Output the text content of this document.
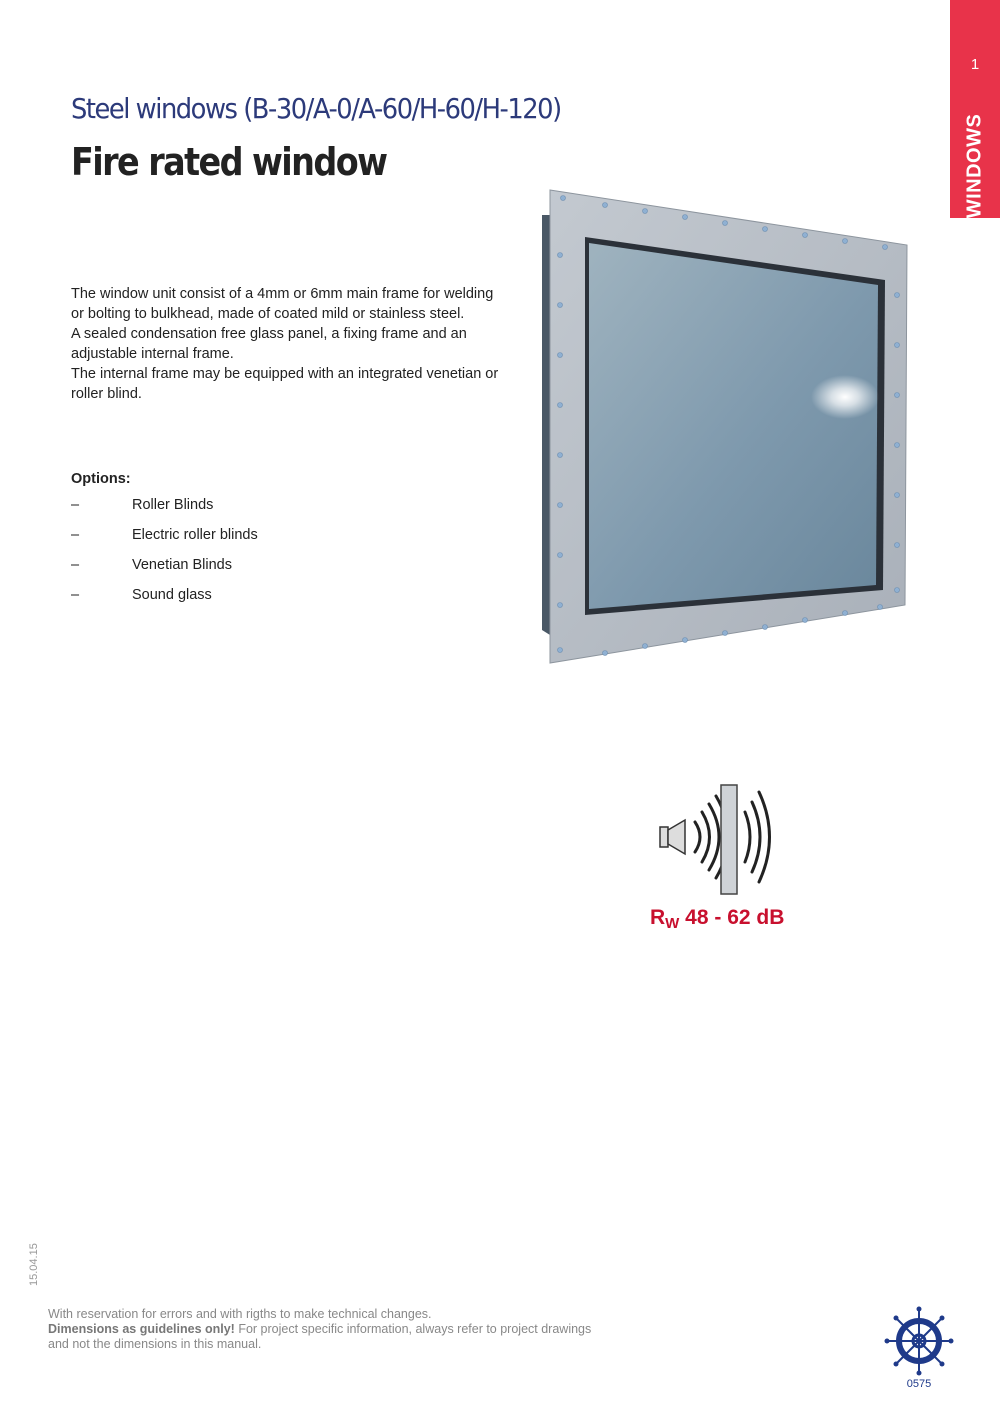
1
WINDOWS
Steel windows (B-30/A-0/A-60/H-60/H-120)
Fire rated window

The window unit consist of a 4mm or 6mm main frame for welding or bolting to bulkhead, made of coated mild or stainless steel.

A sealed condensation free glass panel, a fixing frame and an adjustable internal frame.

The internal frame may be equipped with an integrated venetian or roller blind.

Options:
–	Roller Blinds
–	Electric roller blinds
–	Venetian Blinds
–	Sound glass
RW 48 - 62 dB
15.04.15

With reservation for errors and with rigths to make technical changes.

Dimensions as guidelines only! For project specific information, always refer to project drawings and not the dimensions in this manual.

0575
